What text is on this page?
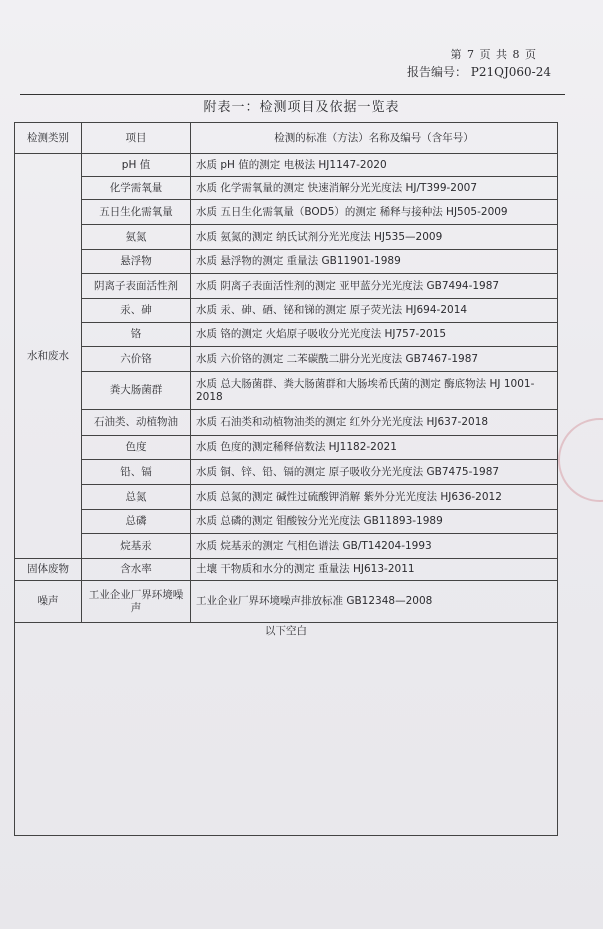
第 7 页 共 8 页
报告编号： P21QJ060-24
附表一：检测项目及依据一览表
检测类别	项目	检测的标准（方法）名称及编号（含年号）
水和废水	pH 值	水质 pH 值的测定 电极法 HJ1147-2020
	化学需氧量	水质 化学需氧量的测定 快速消解分光光度法 HJ/T399-2007
	五日生化需氧量	水质 五日生化需氧量（BOD5）的测定 稀释与接种法 HJ505-2009
	氨氮	水质 氨氮的测定 纳氏试剂分光光度法 HJ535—2009
	悬浮物	水质 悬浮物的测定 重量法 GB11901-1989
	阴离子表面活性剂	水质 阴离子表面活性剂的测定 亚甲蓝分光光度法 GB7494-1987
	汞、砷	水质 汞、砷、硒、铋和锑的测定 原子荧光法 HJ694-2014
	铬	水质 铬的测定 火焰原子吸收分光光度法 HJ757-2015
	六价铬	水质 六价铬的测定 二苯碳酰二肼分光光度法 GB7467-1987
	粪大肠菌群	水质 总大肠菌群、粪大肠菌群和大肠埃希氏菌的测定 酶底物法 HJ 1001-2018
	石油类、动植物油	水质 石油类和动植物油类的测定 红外分光光度法 HJ637-2018
	色度	水质 色度的测定稀释倍数法 HJ1182-2021
	铅、镉	水质 铜、锌、铅、镉的测定 原子吸收分光光度法 GB7475-1987
	总氮	水质 总氮的测定 碱性过硫酸钾消解 紫外分光光度法 HJ636-2012
	总磷	水质 总磷的测定 钼酸铵分光光度法 GB11893-1989
	烷基汞	水质 烷基汞的测定 气相色谱法 GB/T14204-1993
固体废物	含水率	土壤 干物质和水分的测定 重量法 HJ613-2011
噪声	工业企业厂界环境噪声	工业企业厂界环境噪声排放标准 GB12348—2008
以下空白		
